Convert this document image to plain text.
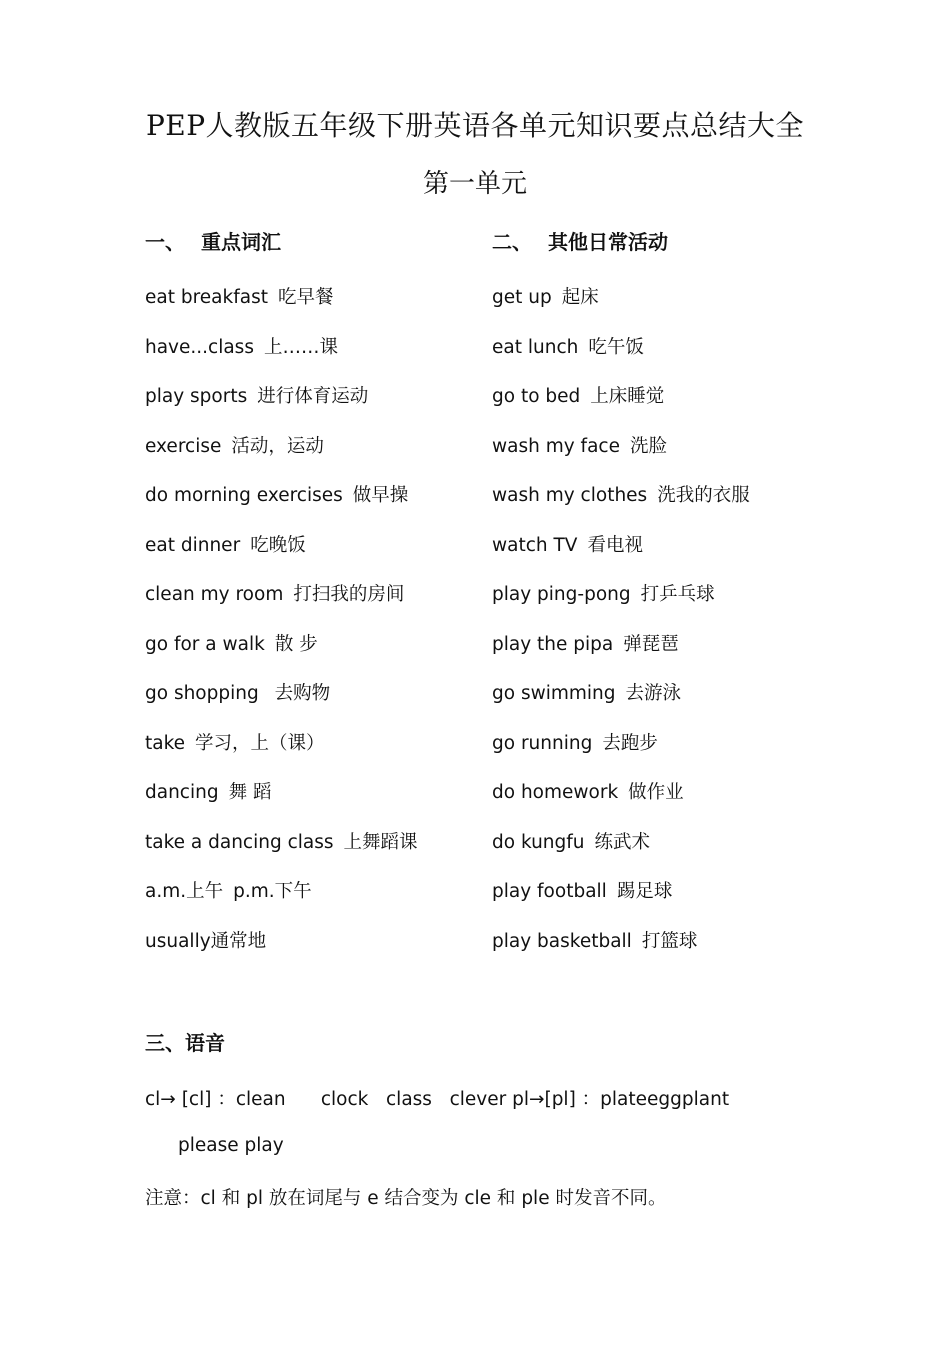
PEP人教版五年级下册英语各单元知识要点总结大全
第一单元
一、 重点词汇
eat breakfast 吃早餐
have...class 上……课
play sports 进行体育运动
exercise 活动，运动
do morning exercises 做早操
eat dinner 吃晚饭
clean my room 打扫我的房间
go for a walk 散 步
go shopping 去购物
take 学习，上（课）
dancing 舞 蹈
take a dancing class 上舞蹈课
a.m.上午 p.m.下午
usually通常地
二、 其他日常活动
get up 起床
eat lunch 吃午饭
go to bed 上床睡觉
wash my face 洗脸
wash my clothes 洗我的衣服
watch TV 看电视
play ping-pong 打乒乓球
play the pipa 弹琵琶
go swimming 去游泳
go running 去跑步
do homework 做作业
do kungfu 练武术
play football 踢足球
play basketball 打篮球
三、语音
cl→ [cl] ：clean      clock   class   clever pl→[pl] ：plateeggplant
please play
注意：cl 和 pl 放在词尾与 e 结合变为 cle 和 ple 时发音不同。
